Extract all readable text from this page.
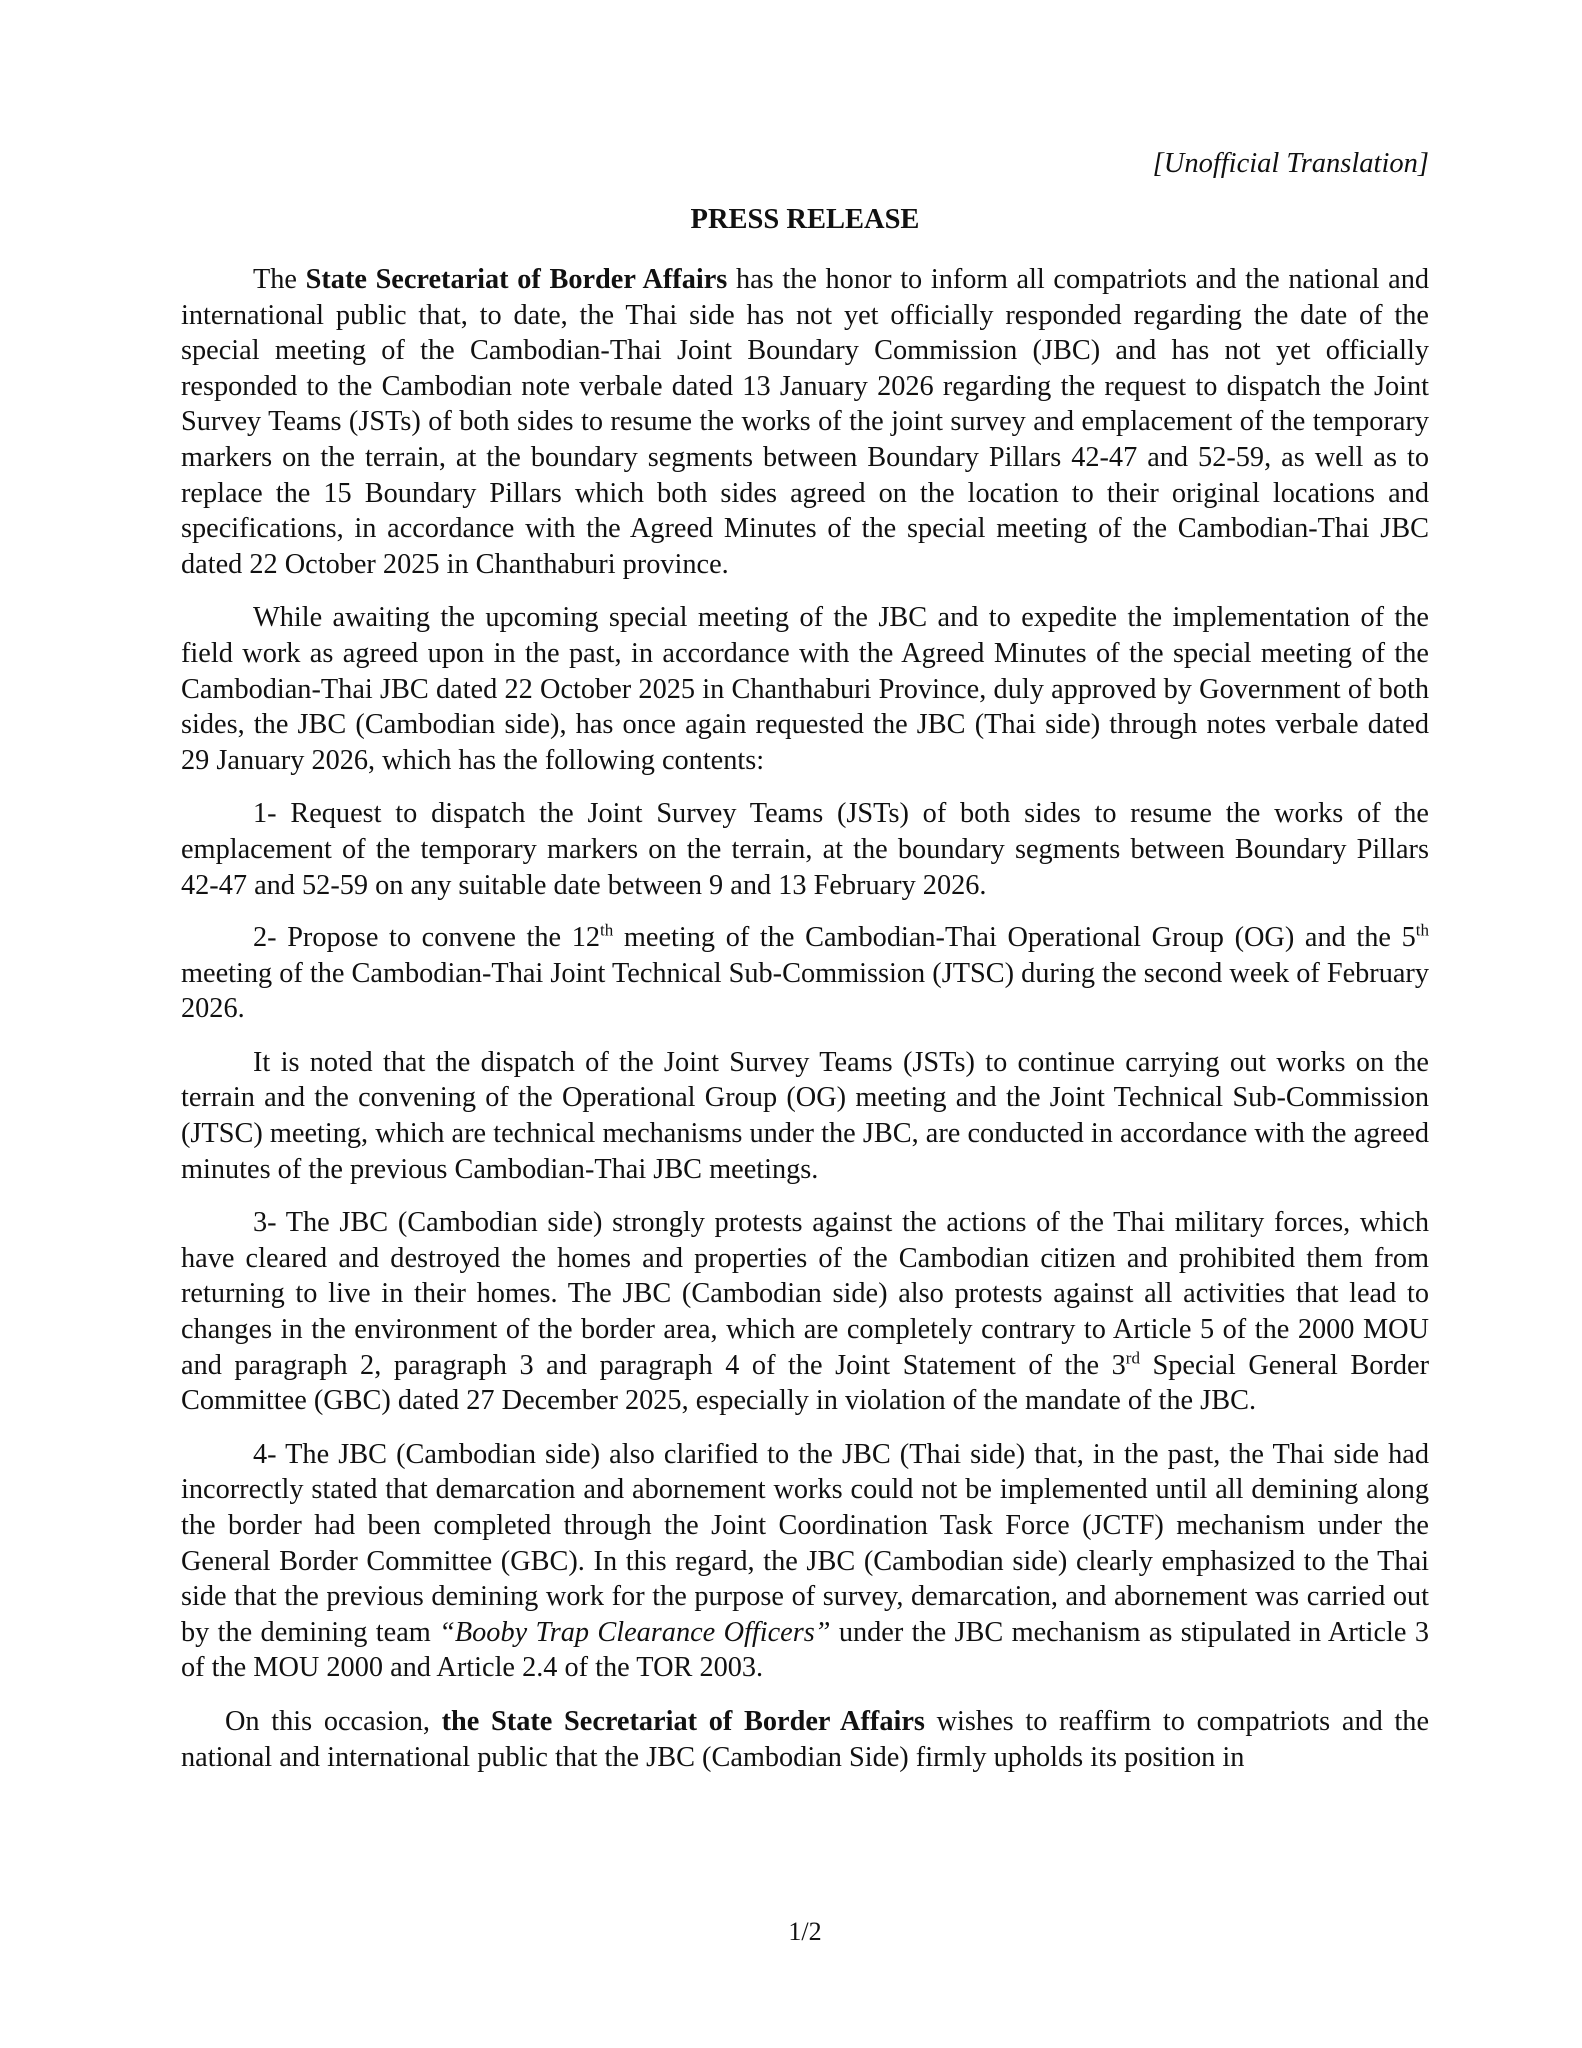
[Unofficial Translation]
PRESS RELEASE

The State Secretariat of Border Affairs has the honor to inform all compatriots and the national and international public that, to date, the Thai side has not yet officially responded regarding the date of the special meeting of the Cambodian-Thai Joint Boundary Commission (JBC) and has not yet officially responded to the Cambodian note verbale dated 13 January 2026 regarding the request to dispatch the Joint Survey Teams (JSTs) of both sides to resume the works of the joint survey and emplacement of the temporary markers on the terrain, at the boundary segments between Boundary Pillars 42-47 and 52-59, as well as to replace the 15 Boundary Pillars which both sides agreed on the location to their original locations and specifications, in accordance with the Agreed Minutes of the special meeting of the Cambodian-Thai JBC dated 22 October 2025 in Chanthaburi province.

While awaiting the upcoming special meeting of the JBC and to expedite the implementation of the field work as agreed upon in the past, in accordance with the Agreed Minutes of the special meeting of the Cambodian-Thai JBC dated 22 October 2025 in Chanthaburi Province, duly approved by Government of both sides, the JBC (Cambodian side), has once again requested the JBC (Thai side) through notes verbale dated 29 January 2026, which has the following contents:

1- Request to dispatch the Joint Survey Teams (JSTs) of both sides to resume the works of the emplacement of the temporary markers on the terrain, at the boundary segments between Boundary Pillars 42-47 and 52-59 on any suitable date between 9 and 13 February 2026.

2- Propose to convene the 12th meeting of the Cambodian-Thai Operational Group (OG) and the 5th meeting of the Cambodian-Thai Joint Technical Sub-Commission (JTSC) during the second week of February 2026.

It is noted that the dispatch of the Joint Survey Teams (JSTs) to continue carrying out works on the terrain and the convening of the Operational Group (OG) meeting and the Joint Technical Sub-Commission (JTSC) meeting, which are technical mechanisms under the JBC, are conducted in accordance with the agreed minutes of the previous Cambodian-Thai JBC meetings.

3- The JBC (Cambodian side) strongly protests against the actions of the Thai military forces, which have cleared and destroyed the homes and properties of the Cambodian citizen and prohibited them from returning to live in their homes. The JBC (Cambodian side) also protests against all activities that lead to changes in the environment of the border area, which are completely contrary to Article 5 of the 2000 MOU and paragraph 2, paragraph 3 and paragraph 4 of the Joint Statement of the 3rd Special General Border Committee (GBC) dated 27 December 2025, especially in violation of the mandate of the JBC.

4- The JBC (Cambodian side) also clarified to the JBC (Thai side) that, in the past, the Thai side had incorrectly stated that demarcation and abornement works could not be implemented until all demining along the border had been completed through the Joint Coordination Task Force (JCTF) mechanism under the General Border Committee (GBC). In this regard, the JBC (Cambodian side) clearly emphasized to the Thai side that the previous demining work for the purpose of survey, demarcation, and abornement was carried out by the demining team “Booby Trap Clearance Officers” under the JBC mechanism as stipulated in Article 3 of the MOU 2000 and Article 2.4 of the TOR 2003.

On this occasion, the State Secretariat of Border Affairs wishes to reaffirm to compatriots and the national and international public that the JBC (Cambodian Side) firmly upholds its position in

1/2
